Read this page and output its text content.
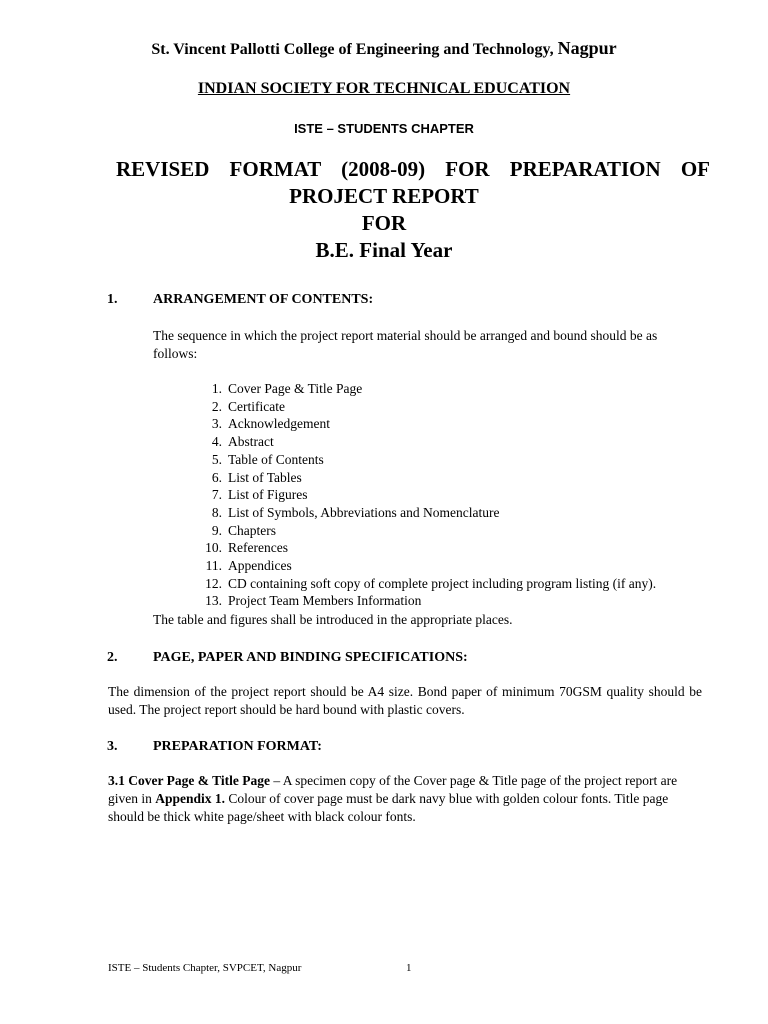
St. Vincent Pallotti College of Engineering and Technology, Nagpur
INDIAN SOCIETY FOR TECHNICAL EDUCATION
ISTE – STUDENTS CHAPTER
REVISED FORMAT (2008-09) FOR PREPARATION OF
PROJECT REPORT
FOR
B.E. Final Year
1.	ARRANGEMENT OF CONTENTS:
The sequence in which the project report material should be arranged and bound should be as follows:
1. Cover Page & Title Page
2. Certificate
3. Acknowledgement
4. Abstract
5. Table of Contents
6. List of Tables
7. List of Figures
8. List of Symbols, Abbreviations and Nomenclature
9. Chapters
10. References
11. Appendices
12. CD containing soft copy of complete project including program listing (if any).
13. Project Team Members Information
The table and figures shall be introduced in the appropriate places.
2.	PAGE, PAPER AND BINDING SPECIFICATIONS:
The dimension of the project report should be A4 size. Bond paper of minimum 70GSM quality should be used. The project report should be hard bound with plastic covers.
3.	PREPARATION FORMAT:
3.1 Cover Page & Title Page – A specimen copy of the Cover page & Title page of the project report are given in Appendix 1. Colour of cover page must be dark navy blue with golden colour fonts. Title page should be thick white page/sheet with black colour fonts.
ISTE – Students Chapter, SVPCET, Nagpur	1
